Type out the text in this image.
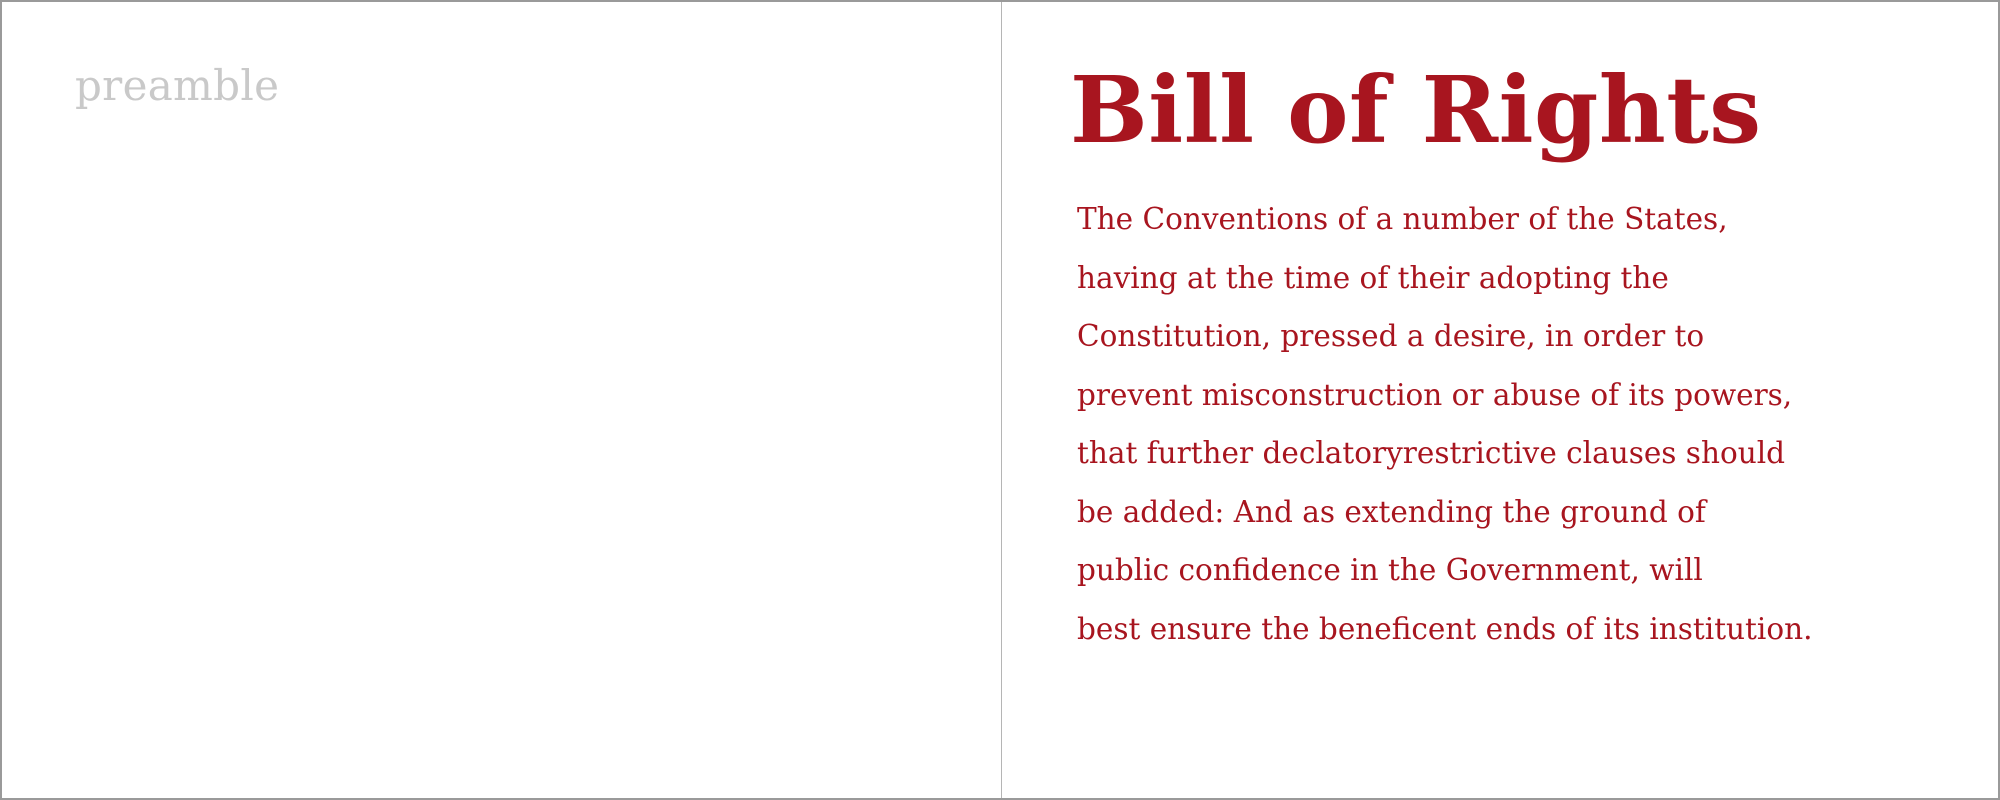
preamble	Bill of Rights
The Conventions of a number of the States,
having at the time of their adopting the
Constitution, pressed a desire, in order to
prevent misconstruction or abuse of its powers,
that further declatoryrestrictive clauses should
be added: And as extending the ground of
public confidence in the Government, will
best ensure the beneficent ends of its institution.
